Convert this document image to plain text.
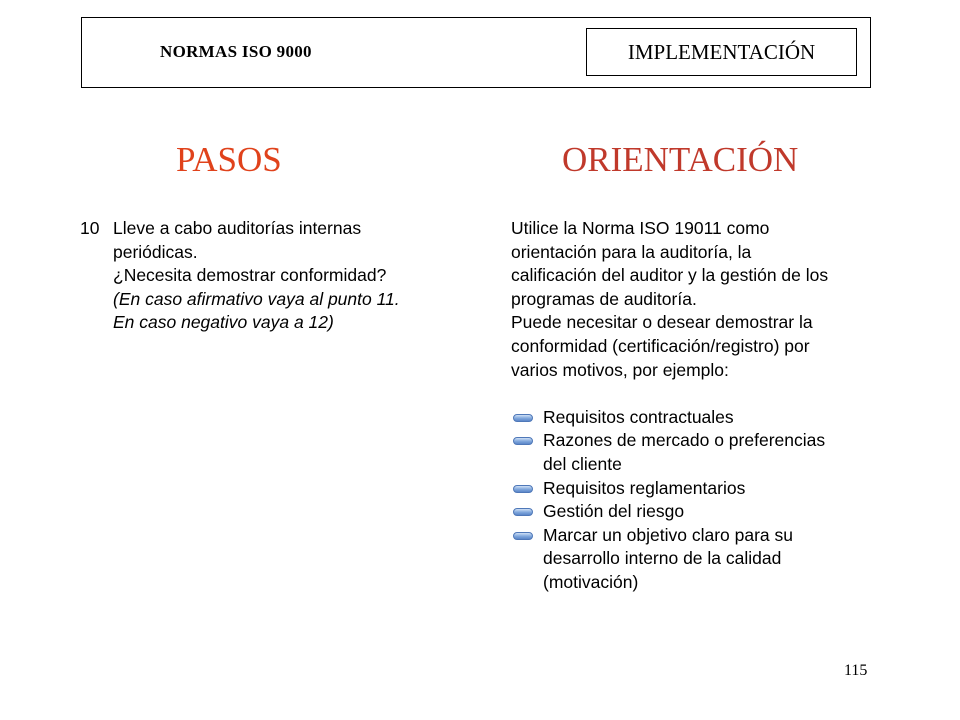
NORMAS ISO 9000	IMPLEMENTACIÓN
PASOS	ORIENTACIÓN
10 Lleve a cabo auditorías internas
periódicas.
¿Necesita demostrar conformidad?
(En caso afirmativo vaya al punto 11.
En caso negativo vaya a 12)
Utilice la Norma ISO 19011 como
orientación para la auditoría, la
calificación del auditor y la gestión de los
programas de auditoría.
Puede necesitar o desear demostrar la
conformidad (certificación/registro) por
varios motivos, por ejemplo:
Requisitos contractuales
Razones de mercado o preferencias
del cliente
Requisitos reglamentarios
Gestión del riesgo
Marcar un objetivo claro para su
desarrollo interno de la calidad
(motivación)
115
